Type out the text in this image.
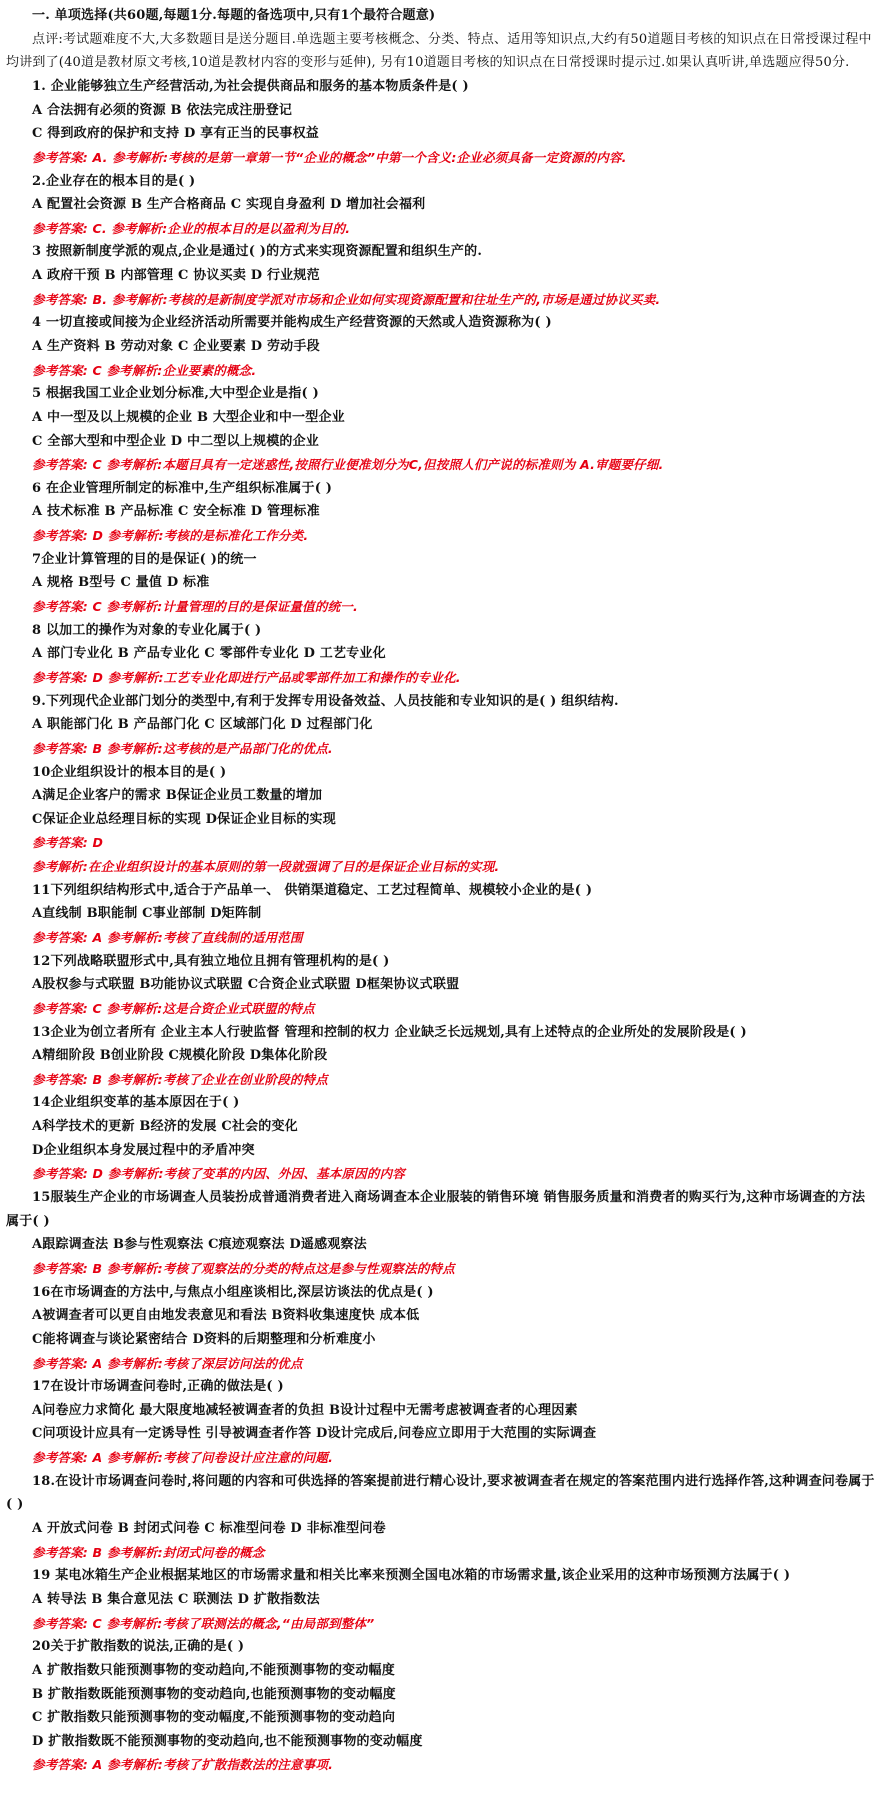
一. 单项选择(共60题,每题1分.每题的备选项中,只有1个最符合题意)
点评:考试题难度不大,大多数题目是送分题目.单选题主要考核概念、分类、特点、适用等知识点,大约有50道题目考核的知识点在日常授课过程中均讲到了(40道是教材原文考核,10道是教材内容的变形与延伸), 另有10道题目考核的知识点在日常授课时提示过.如果认真听讲,单选题应得50分.
1. 企业能够独立生产经营活动,为社会提供商品和服务的基本物质条件是( )
A 合法拥有必须的资源 B 依法完成注册登记
C 得到政府的保护和支持 D 享有正当的民事权益
参考答案: A. 参考解析:考核的是第一章第一节“企业的概念”中第一个含义:企业必须具备一定资源的内容.
2.企业存在的根本目的是( )
A 配置社会资源 B 生产合格商品 C 实现自身盈利 D 增加社会福利
参考答案: C. 参考解析:企业的根本目的是以盈利为目的.
3 按照新制度学派的观点,企业是通过( )的方式来实现资源配置和组织生产的.
A 政府干预 B 内部管理 C 协议买卖 D 行业规范
参考答案: B. 参考解析:考核的是新制度学派对市场和企业如何实现资源配置和往址生产的,市场是通过协议买卖.
4 一切直接或间接为企业经济活动所需要并能构成生产经营资源的天然或人造资源称为( )
A 生产资料 B 劳动对象 C 企业要素 D 劳动手段
参考答案: C 参考解析:企业要素的概念.
5 根据我国工业企业划分标准,大中型企业是指( )
A 中一型及以上规模的企业 B 大型企业和中一型企业
C 全部大型和中型企业 D 中二型以上规模的企业
参考答案: C 参考解析:本题目具有一定迷惑性,按照行业便准划分为C,但按照人们产说的标准则为 A.审题要仔细.
6 在企业管理所制定的标准中,生产组织标准属于( )
A 技术标准 B 产品标准 C 安全标准 D 管理标准
参考答案: D 参考解析:考核的是标准化工作分类.
7企业计算管理的目的是保证( )的统一
A 规格 B型号 C 量值 D 标准
参考答案: C 参考解析:计量管理的目的是保证量值的统一.
8 以加工的操作为对象的专业化属于( )
A 部门专业化 B 产品专业化 C 零部件专业化 D 工艺专业化
参考答案: D 参考解析:工艺专业化即进行产品或零部件加工和操作的专业化.
9.下列现代企业部门划分的类型中,有利于发挥专用设备效益、人员技能和专业知识的是( ) 组织结构.
A 职能部门化 B 产品部门化 C 区域部门化 D 过程部门化
参考答案: B 参考解析:这考核的是产品部门化的优点.
10企业组织设计的根本目的是( )
A满足企业客户的需求 B保证企业员工数量的增加
C保证企业总经理目标的实现 D保证企业目标的实现
参考答案: D
参考解析:在企业组织设计的基本原则的第一段就强调了目的是保证企业目标的实现.
11下列组织结构形式中,适合于产品单一、 供销渠道稳定、工艺过程简单、规模较小企业的是( )
A直线制 B职能制 C事业部制 D矩阵制
参考答案: A 参考解析:考核了直线制的适用范围
12下列战略联盟形式中,具有独立地位且拥有管理机构的是( )
A股权参与式联盟 B功能协议式联盟 C合资企业式联盟 D框架协议式联盟
参考答案: C 参考解析:这是合资企业式联盟的特点
13企业为创立者所有 企业主本人行驶监督 管理和控制的权力 企业缺乏长远规划,具有上述特点的企业所处的发展阶段是( )
A精细阶段 B创业阶段 C规模化阶段 D集体化阶段
参考答案: B 参考解析:考核了企业在创业阶段的特点
14企业组织变革的基本原因在于( )
A科学技术的更新 B经济的发展 C社会的变化
D企业组织本身发展过程中的矛盾冲突
参考答案: D 参考解析:考核了变革的内因、外因、基本原因的内容
15服装生产企业的市场调查人员装扮成普通消费者进入商场调查本企业服装的销售环境 销售服务质量和消费者的购买行为,这种市场调查的方法属于( )
A跟踪调查法 B参与性观察法 C痕迹观察法 D遥感观察法
参考答案: B 参考解析:考核了观察法的分类的特点这是参与性观察法的特点
16在市场调查的方法中,与焦点小组座谈相比,深层访谈法的优点是( )
A被调查者可以更自由地发表意见和看法 B资料收集速度快 成本低
C能将调查与谈论紧密结合 D资料的后期整理和分析难度小
参考答案: A 参考解析:考核了深层访问法的优点
17在设计市场调查问卷时,正确的做法是( )
A问卷应力求简化 最大限度地减轻被调查者的负担 B设计过程中无需考虑被调查者的心理因素
C问项设计应具有一定诱导性 引导被调查者作答 D设计完成后,问卷应立即用于大范围的实际调查
参考答案: A 参考解析:考核了问卷设计应注意的问题.
18.在设计市场调查问卷时,将问题的内容和可供选择的答案提前进行精心设计,要求被调查者在规定的答案范围内进行选择作答,这种调查问卷属于( )
A 开放式问卷 B 封闭式问卷 C 标准型问卷 D 非标准型问卷
参考答案: B 参考解析:封闭式问卷的概念
19 某电冰箱生产企业根据某地区的市场需求量和相关比率来预测全国电冰箱的市场需求量,该企业采用的这种市场预测方法属于( )
A 转导法 B 集合意见法 C 联测法 D 扩散指数法
参考答案: C 参考解析:考核了联测法的概念,“由局部到整体”
20关于扩散指数的说法,正确的是( )
A 扩散指数只能预测事物的变动趋向,不能预测事物的变动幅度
B 扩散指数既能预测事物的变动趋向,也能预测事物的变动幅度
C 扩散指数只能预测事物的变动幅度,不能预测事物的变动趋向
D 扩散指数既不能预测事物的变动趋向,也不能预测事物的变动幅度
参考答案: A 参考解析:考核了扩散指数法的注意事项.
